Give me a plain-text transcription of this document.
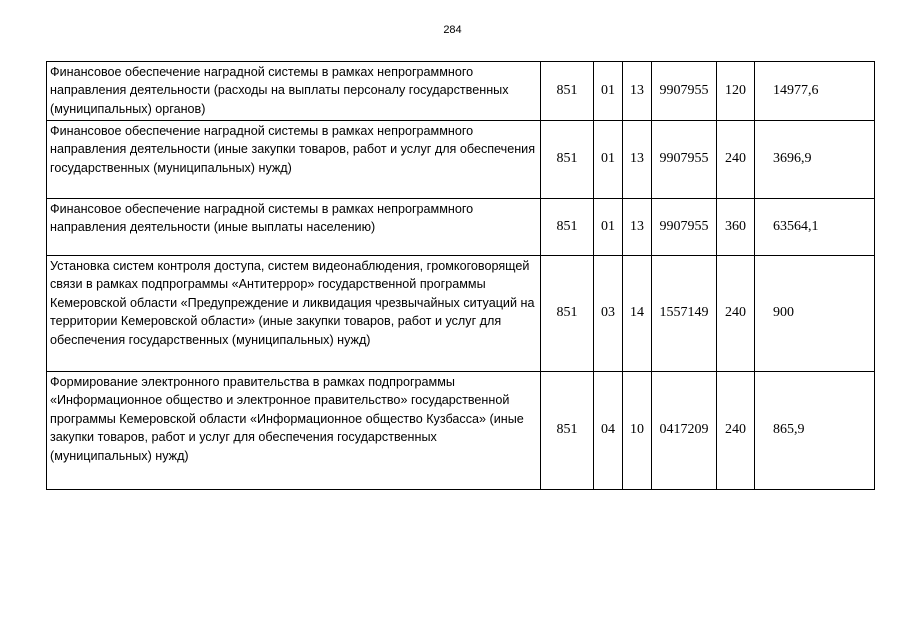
284
Финансовое обеспечение наградной системы в рамках непрограммного направления деятельности (расходы на выплаты персоналу государственных (муниципальных) органов)	851	01	13	9907955	120	14977,6
Финансовое обеспечение наградной системы в рамках непрограммного направления деятельности (иные закупки товаров, работ и услуг для обеспечения государственных (муниципальных) нужд)	851	01	13	9907955	240	3696,9
Финансовое обеспечение наградной системы в рамках непрограммного направления деятельности (иные выплаты населению)	851	01	13	9907955	360	63564,1
Установка систем контроля доступа, систем видеонаблюдения, громкоговорящей связи в рамках подпрограммы «Антитеррор» государственной программы Кемеровской области «Предупреждение и ликвидация чрезвычайных ситуаций на территории Кемеровской области» (иные закупки товаров, работ и услуг для обеспечения государственных (муниципальных) нужд)	851	03	14	1557149	240	900
Формирование электронного правительства в рамках подпрограммы «Информационное общество и электронное правительство» государственной программы Кемеровской области «Информационное общество Кузбасса» (иные закупки товаров, работ и услуг для обеспечения государственных (муниципальных) нужд)	851	04	10	0417209	240	865,9
